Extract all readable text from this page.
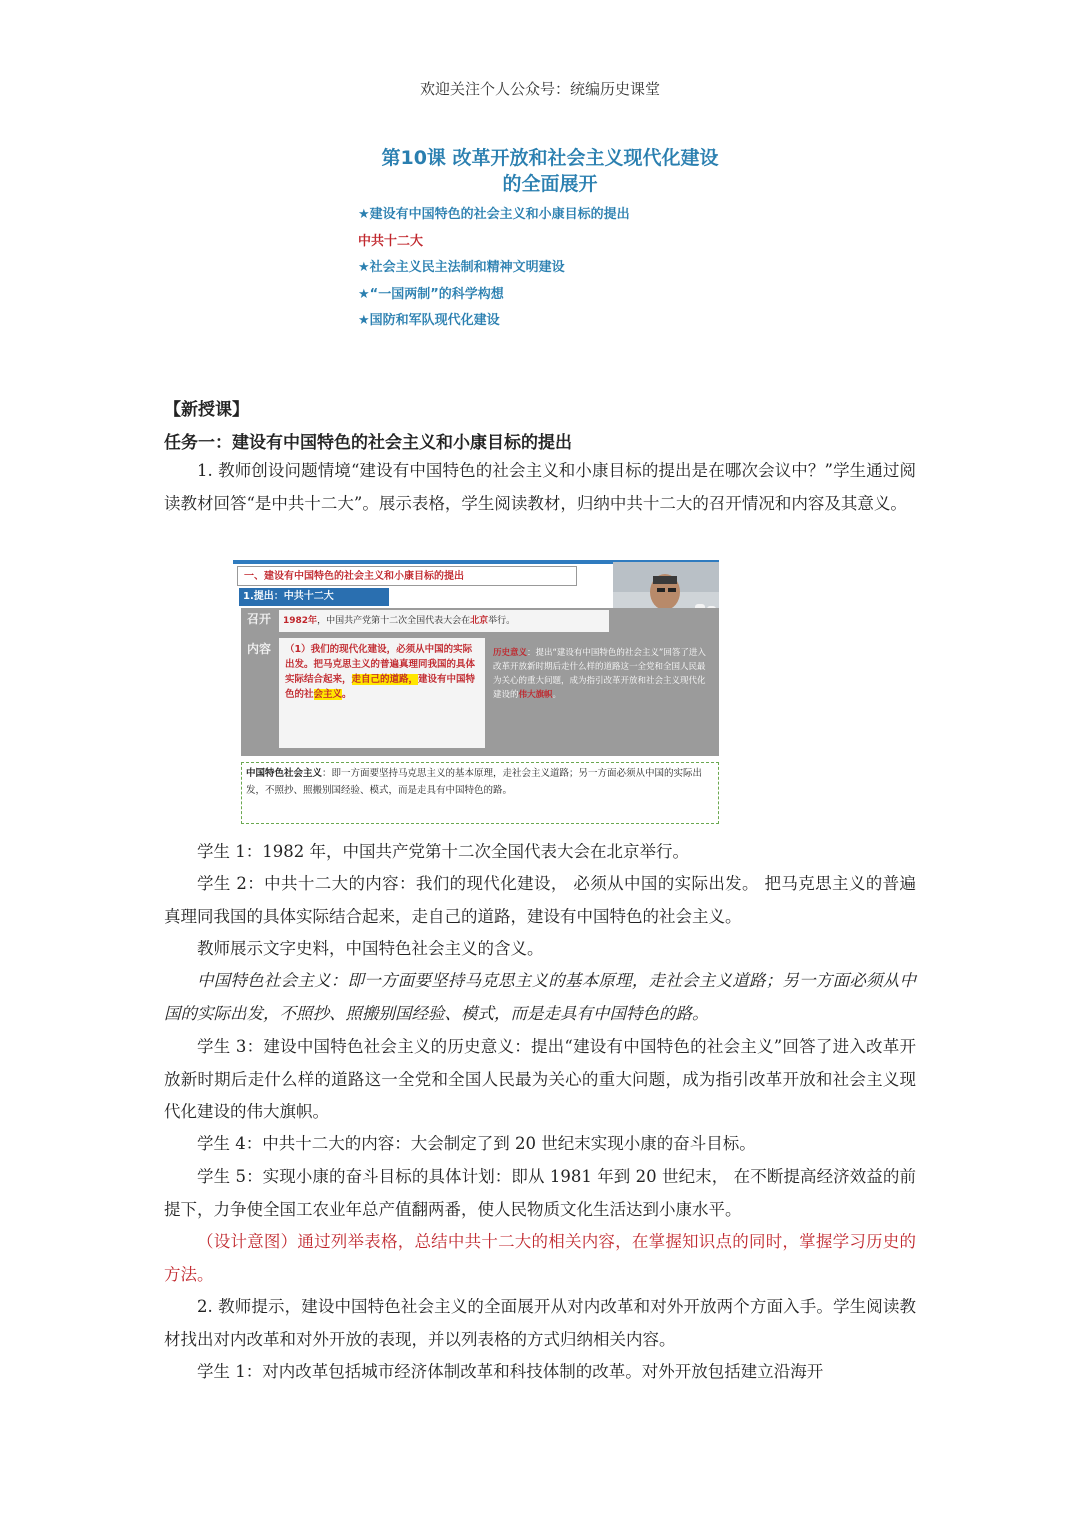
欢迎关注个人公众号：统编历史课堂
第10课 改革开放和社会主义现代化建设
的全面展开
★建设有中国特色的社会主义和小康目标的提出
中共十二大
★社会主义民主法制和精神文明建设
★“一国两制”的科学构想
★国防和军队现代化建设
【新授课】
任务一：建设有中国特色的社会主义和小康目标的提出
1. 教师创设问题情境“建设有中国特色的社会主义和小康目标的提出是在哪次会议中？”学生通过阅读教材回答“是中共十二大”。展示表格，学生阅读教材，归纳中共十二大的召开情况和内容及其意义。
一、建设有中国特色的社会主义和小康目标的提出
1.提出：中共十二大
召开
内容
1982年，中国共产党第十二次全国代表大会在北京举行。
（1）我们的现代化建设，必须从中国的实际出发。把马克思主义的普遍真理同我国的具体实际结合起来，走自己的道路，建设有中国特色的社会主义。
历史意义：提出“建设有中国特色的社会主义”回答了进入改革开放新时期后走什么样的道路这一全党和全国人民最为关心的重大问题，成为指引改革开放和社会主义现代化建设的伟大旗帜。
中国特色社会主义：即一方面要坚持马克思主义的基本原理，走社会主义道路；另一方面必须从中国的实际出发，不照抄、照搬别国经验、模式，而是走具有中国特色的路。
学生 1：1982 年，中国共产党第十二次全国代表大会在北京举行。
学生 2：中共十二大的内容：我们的现代化建设， 必须从中国的实际出发。 把马克思主义的普遍真理同我国的具体实际结合起来，走自己的道路，建设有中国特色的社会主义。
教师展示文字史料，中国特色社会主义的含义。
中国特色社会主义：即一方面要坚持马克思主义的基本原理，走社会主义道路；另一方面必须从中国的实际出发，不照抄、照搬别国经验、模式，而是走具有中国特色的路。
学生 3：建设中国特色社会主义的历史意义：提出“建设有中国特色的社会主义”回答了进入改革开放新时期后走什么样的道路这一全党和全国人民最为关心的重大问题，成为指引改革开放和社会主义现代化建设的伟大旗帜。
学生 4：中共十二大的内容：大会制定了到 20 世纪末实现小康的奋斗目标。
学生 5：实现小康的奋斗目标的具体计划：即从 1981 年到 20 世纪末， 在不断提高经济效益的前提下，力争使全国工农业年总产值翻两番，使人民物质文化生活达到小康水平。
（设计意图）通过列举表格，总结中共十二大的相关内容，在掌握知识点的同时，掌握学习历史的方法。
2. 教师提示，建设中国特色社会主义的全面展开从对内改革和对外开放两个方面入手。学生阅读教材找出对内改革和对外开放的表现，并以列表格的方式归纳相关内容。
学生 1：对内改革包括城市经济体制改革和科技体制的改革。对外开放包括建立沿海开
